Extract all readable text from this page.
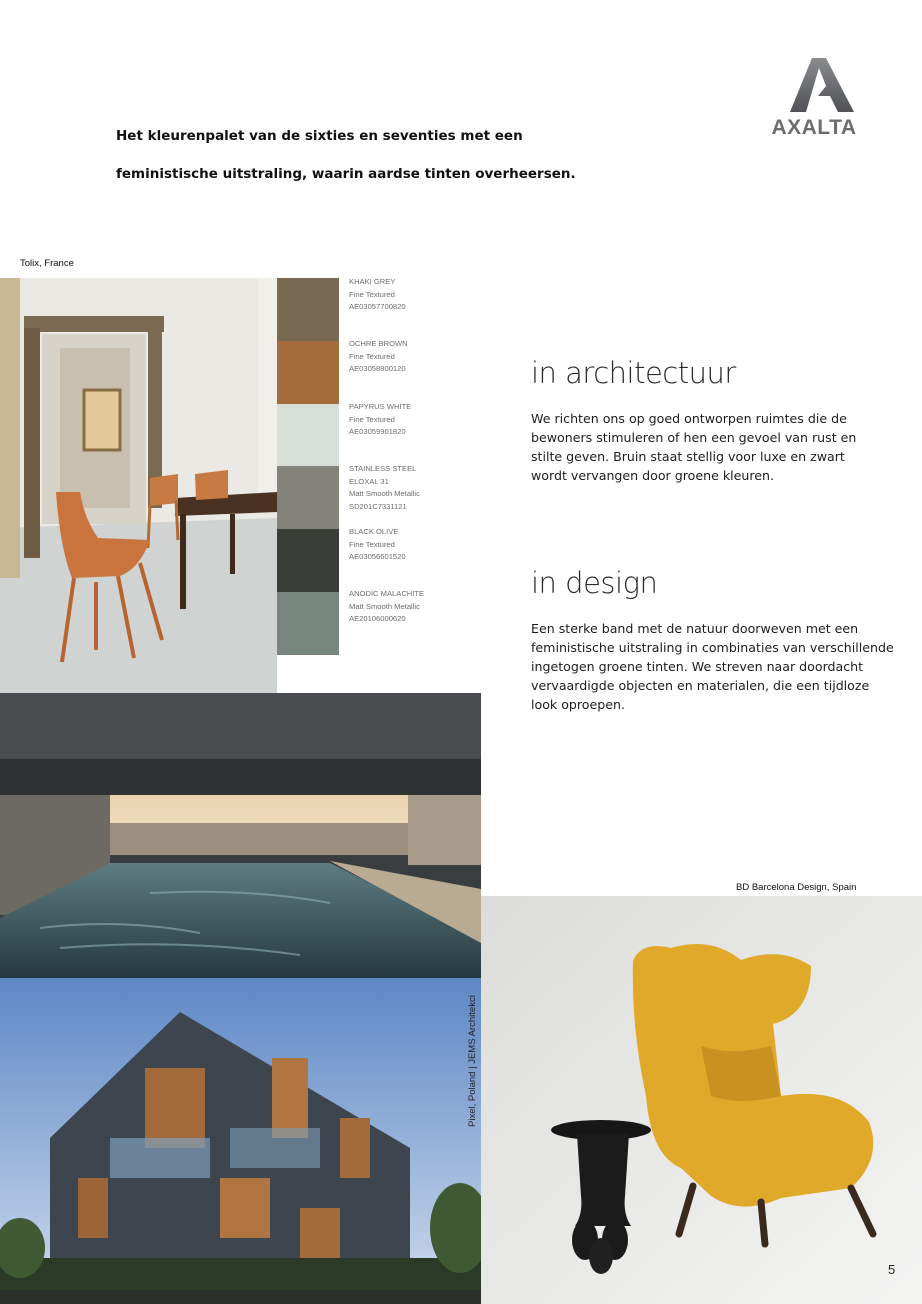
Het kleurenpalet van de sixties en seventies met een
feministische uitstraling, waarin aardse tinten overheersen.
AXALTA
Tolix, France
KHAKI GREY
Fine Textured
AE03057700820
OCHRE BROWN
Fine Textured
AE03058800120
PAPYRUS WHITE
Fine Textured
AE03059901820
STAINLESS STEEL
ELOXAL 31
Matt Smooth Metallic
SD201C7331121
BLACK OLIVE
Fine Textured
AE03056601520
ANODIC MALACHITE
Matt Smooth Metallic
AE20106000620
in architectuur
We richten ons op goed ontworpen ruimtes die de
bewoners stimuleren of hen een gevoel van rust en
stilte geven. Bruin staat stellig voor luxe en zwart
wordt vervangen door groene kleuren.
in design
Een sterke band met de natuur doorweven met een
feministische uitstraling in combinaties van verschillende
ingetogen groene tinten. We streven naar doordacht
vervaardigde objecten en materialen, die een tijdloze
look oproepen.
Pixel, Poland | JEMS Architekci
BD Barcelona Design, Spain
5
